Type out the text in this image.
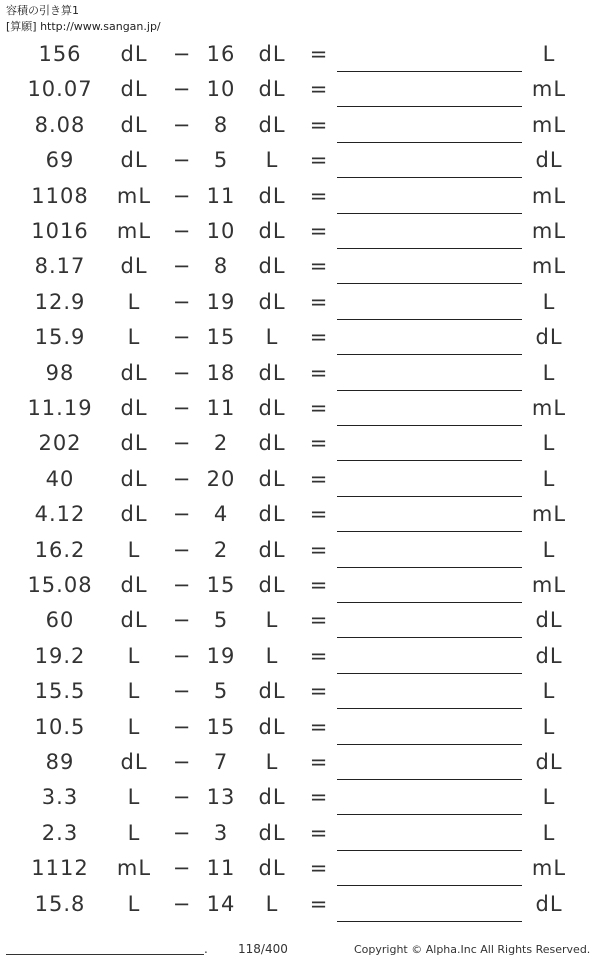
容積の引き算1
[算願] http://www.sangan.jp/
156	dL	− 16	dL	=	L
10.07	dL	− 10	dL	=	mL
8.08	dL	−	8	dL	=	mL
69	dL	−	5	L	=	dL
1108	mL	− 11	dL	=	mL
1016	mL	− 10	dL	=	mL
8.17	dL	−	8	dL	=	mL
12.9	L	− 19	dL	=	L
15.9	L	− 15	L	=	dL
98	dL	− 18	dL	=	L
11.19	dL	− 11	dL	=	mL
202	dL	−	2	dL	=	L
40	dL	− 20	dL	=	L
4.12	dL	−	4	dL	=	mL
16.2	L	−	2	dL	=	L
15.08	dL	− 15	dL	=	mL
60	dL	−	5	L	=	dL
19.2	L	− 19	L	=	dL
15.5	L	−	5	dL	=	L
10.5	L	− 15	dL	=	L
89	dL	−	7	L	=	dL
3.3	L	− 13	dL	=	L
2.3	L	−	3	dL	=	L
1112	mL	− 11	dL	=	mL
15.8	L	− 14	L	=	dL
.	118/400	Copyright © Alpha.Inc All Rights Reserved.
